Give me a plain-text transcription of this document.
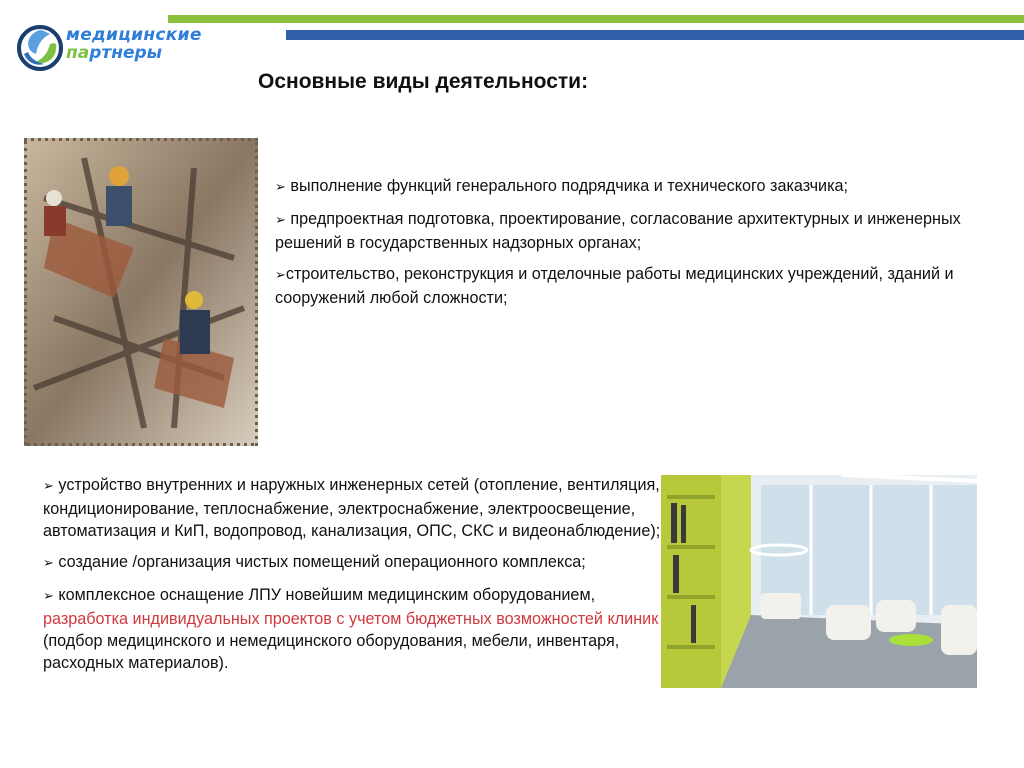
медицинские
партнеры
Основные виды деятельности:
➢ выполнение функций генерального подрядчика и технического заказчика;
➢ предпроектная подготовка, проектирование, согласование архитектурных и инженерных решений в государственных надзорных органах;
➢строительство, реконструкция и отделочные работы медицинских учреждений, зданий и сооружений любой сложности;
➢ устройство внутренних и наружных инженерных сетей (отопление, вентиляция, кондиционирование, теплоснабжение, электроснабжение, электроосвещение, автоматизация и КиП, водопровод, канализация, ОПС, СКС и видеонаблюдение);
➢ создание /организация чистых помещений операционного комплекса;
➢ комплексное оснащение ЛПУ новейшим медицинским оборудованием, разработка индивидуальных проектов с учетом бюджетных возможностей клиник (подбор медицинского и немедицинского оборудования, мебели, инвентаря, расходных материалов).
